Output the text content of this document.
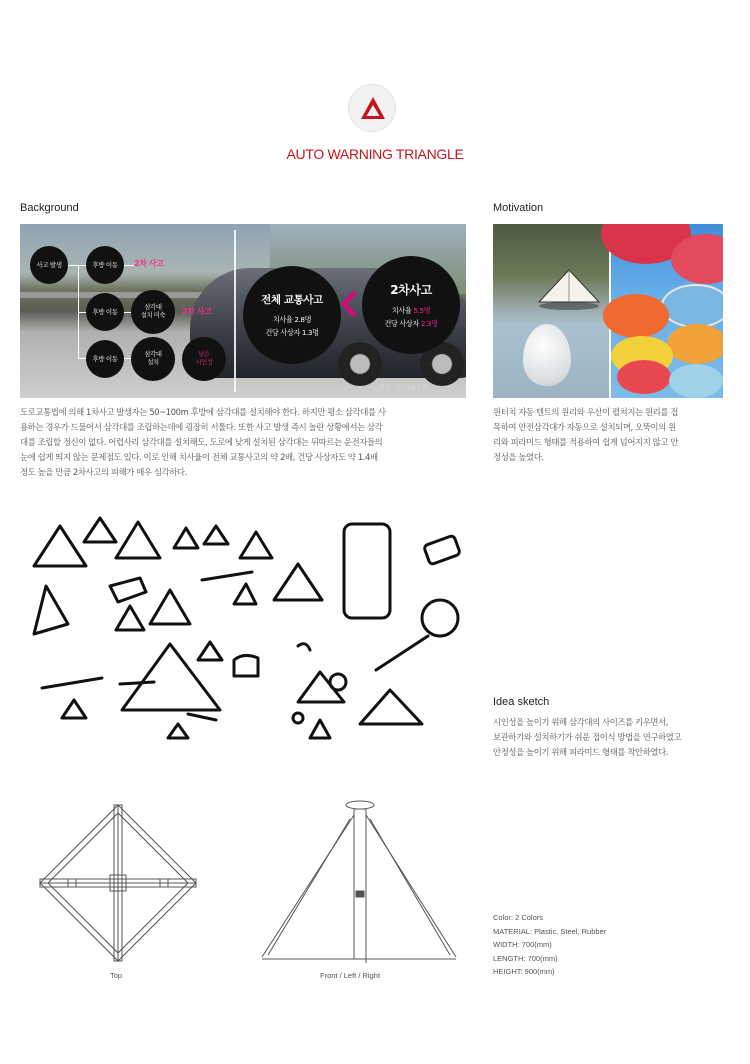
AUTO WARNING TRIANGLE
Background
사고 발생	후방 이동 2차 사고
후방 이동
삼각대
설치 미숙 2차 사고
후방 이동
삼각대
설치
낮은
시인성
전체 교통사고
치사율 2.8명
건당 사상자 1.3명
2차사고
치사율 5.5명
건당 사상자 2.3명
(출처 : 도로교통공단)
도로교통법에 의해 1차사고 발생자는 50~100m 후방에 삼각대를 설치해야 한다. 하지만 평소 삼각대를 사
용하는 경우가 드물어서 삼각대를 조립하는데에 굉장히 서툴다. 또한 사고 발생 즉시 놀란 상황에서는 삼각
대를 조립할 정신이 없다. 어렵사리 삼각대를 설치해도, 도로에 낮게 설치된 삼각대는 뒤따르는 운전자들의
눈에 쉽게 띄지 않는 문제점도 있다. 이로 인해 치사율이 전체 교통사고의 약 2배, 건당 사상자도 약 1.4배
정도 높을 만큼 2차사고의 피해가 매우 심각하다.
Motivation
원터치 자동 텐트의 원리와 우산이 펼쳐지는 원리를 접
목하여 안전삼각대가 자동으로 설치되며, 오뚝이의 원
리와 피라미드 형태를 적용하여 쉽게 넘어지지 않고 안
정성을 높였다.
Idea sketch
시인성을 높이기 위해 삼각대의 사이즈를 키우면서,
보관하기와 설치하기가 쉬운 접이식 방법을 연구하였고
안정성을 높이기 위해 피라미드 형태를 착안하였다.
Top	Front / Left / Right
Color: 2 Colors
MATERIAL: Plastic, Steel, Rubber
WIDTH: 700(mm)
LENGTH: 700(mm)
HEIGHT: 900(mm)
